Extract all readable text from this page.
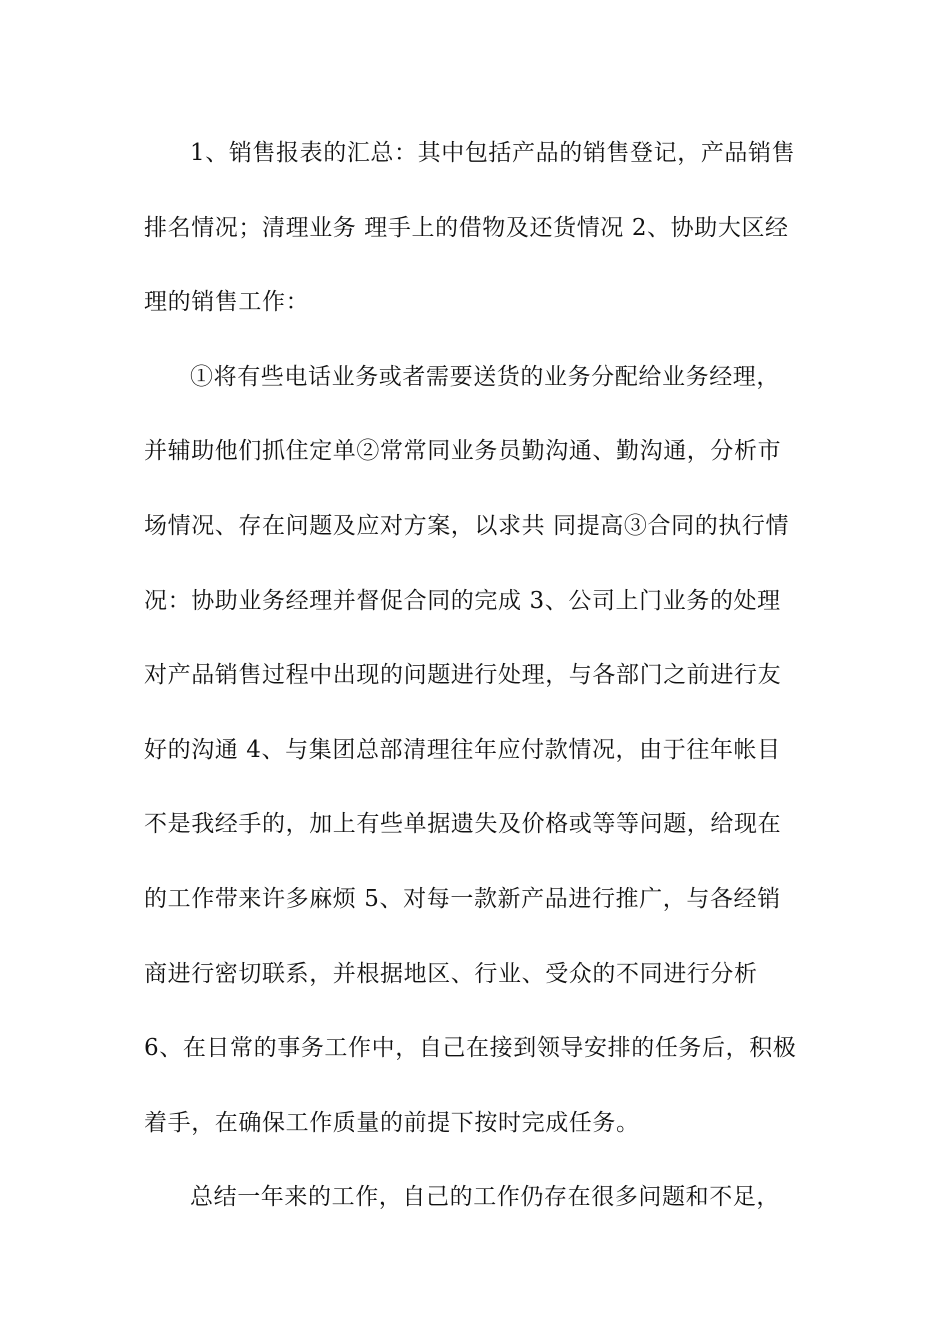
1、销售报表的汇总：其中包括产品的销售登记，产品销售
排名情况；清理业务 理手上的借物及还货情况 2、协助大区经
理的销售工作：
①将有些电话业务或者需要送货的业务分配给业务经理，
并辅助他们抓住定单②常常同业务员勤沟通、勤沟通，分析市
场情况、存在问题及应对方案，以求共 同提高③合同的执行情
况：协助业务经理并督促合同的完成 3、公司上门业务的处理
对产品销售过程中出现的问题进行处理，与各部门之前进行友
好的沟通 4、与集团总部清理往年应付款情况，由于往年帐目
不是我经手的，加上有些单据遗失及价格或等等问题，给现在
的工作带来许多麻烦 5、对每一款新产品进行推广，与各经销
商进行密切联系，并根据地区、行业、受众的不同进行分析
6、在日常的事务工作中，自己在接到领导安排的任务后，积极
着手，在确保工作质量的前提下按时完成任务。
总结一年来的工作，自己的工作仍存在很多问题和不足，
